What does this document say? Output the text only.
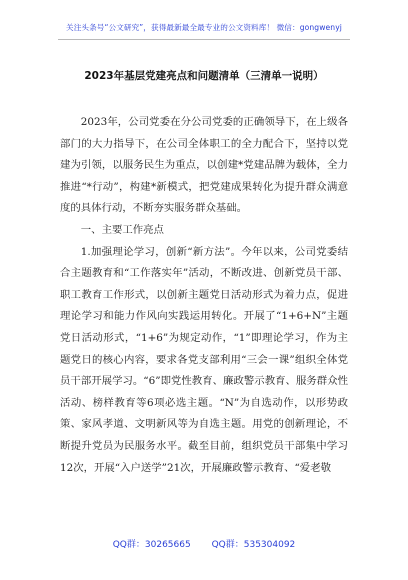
关注头条号“公文研究”，获得最新最全最专业的公文资料库！ 微信：gongwenyj
2023年基层党建亮点和问题清单（三清单一说明）

2023年，公司党委在分公司党委的正确领导下，在上级各部门的大力指导下，在公司全体职工的全力配合下，坚持以党建为引领，以服务民生为重点，以创建*党建品牌为载体，全力推进“*行动”，构建*新模式，把党建成果转化为提升群众满意度的具体行动，不断夯实服务群众基础。

一、主要工作亮点

1.加强理论学习，创新“新方法”。今年以来，公司党委结合主题教育和“工作落实年”活动，不断改进、创新党员干部、职工教育工作形式，以创新主题党日活动形式为着力点，促进理论学习和能力作风向实践运用转化。开展了“1+6+N”主题党日活动形式，“1+6”为规定动作，“1”即理论学习，作为主题党日的核心内容，要求各党支部利用“三会一课”组织全体党员干部开展学习。“6”即党性教育、廉政警示教育、服务群众性活动、榜样教育等6项必选主题。“N”为自选动作，以形势政策、家风孝道、文明新风等为自选主题。用党的创新理论，不断提升党员为民服务水平。截至目前，组织党员干部集中学习12次，开展“入户送学”21次，开展廉政警示教育、“爱老敬

QQ群：30265665 QQ群：535304092
